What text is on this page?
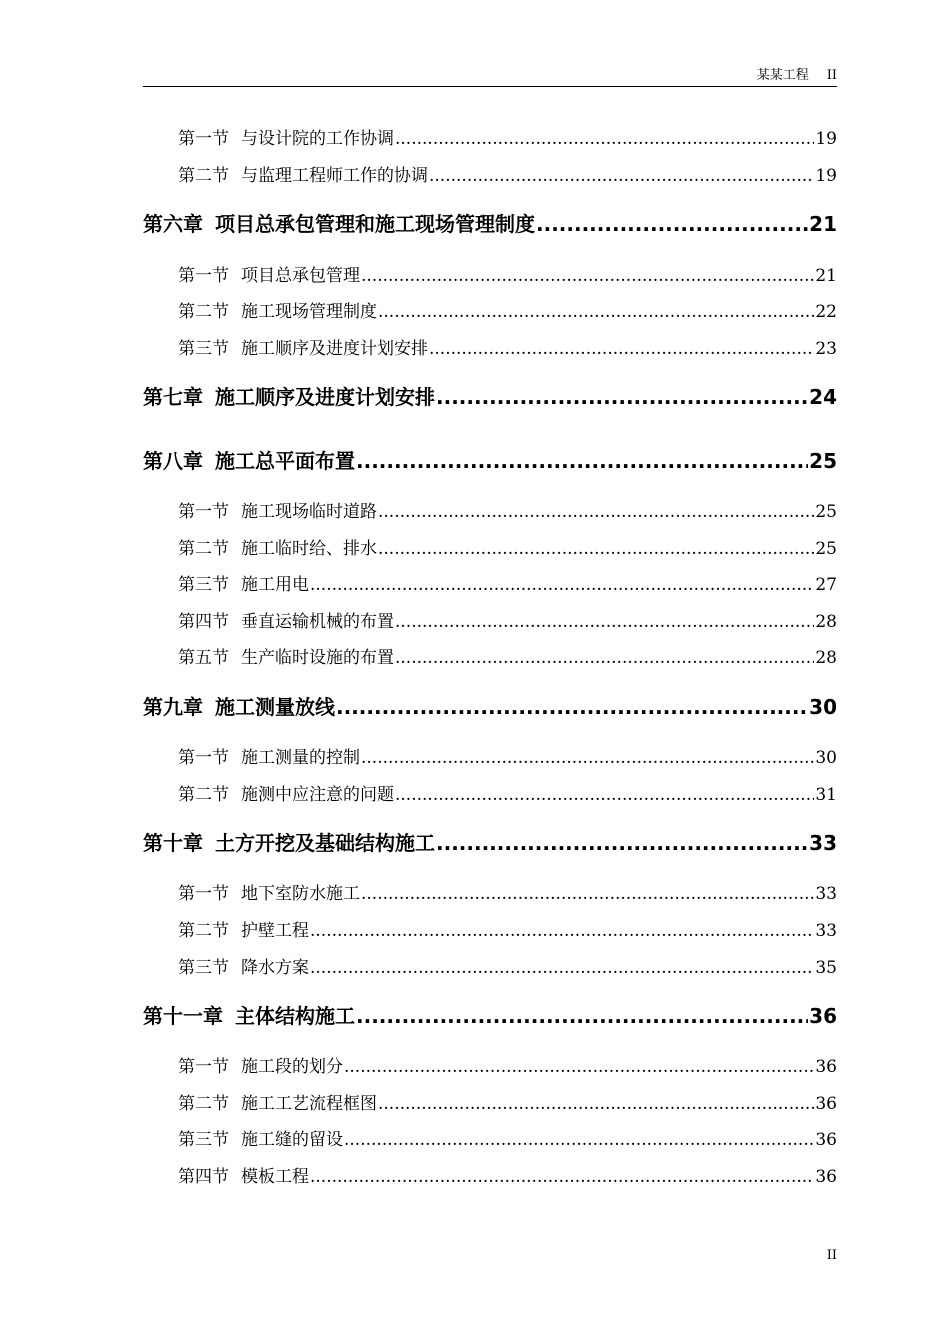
某某工程 II
第一节 与设计院的工作协调 .....	19
第二节 与监理工程师工作的协调 .....	19
第六章 项目总承包管理和施工现场管理制度 .....	21
第一节 项目总承包管理 .....	21
第二节 施工现场管理制度 .....	22
第三节 施工顺序及进度计划安排 .....	23
第七章 施工顺序及进度计划安排 .....	24
第八章 施工总平面布置 .....	25
第一节 施工现场临时道路 .....	25
第二节 施工临时给、排水 .....	25
第三节 施工用电 .....	27
第四节 垂直运输机械的布置 .....	28
第五节 生产临时设施的布置 .....	28
第九章 施工测量放线 .....	30
第一节 施工测量的控制 .....	30
第二节 施测中应注意的问题 .....	31
第十章 土方开挖及基础结构施工 .....	33
第一节 地下室防水施工 .....	33
第二节 护壁工程 .....	33
第三节 降水方案 .....	35
第十一章 主体结构施工 .....	36
第一节 施工段的划分 .....	36
第二节 施工工艺流程框图 .....	36
第三节 施工缝的留设 .....	36
第四节 模板工程 .....	36
II
